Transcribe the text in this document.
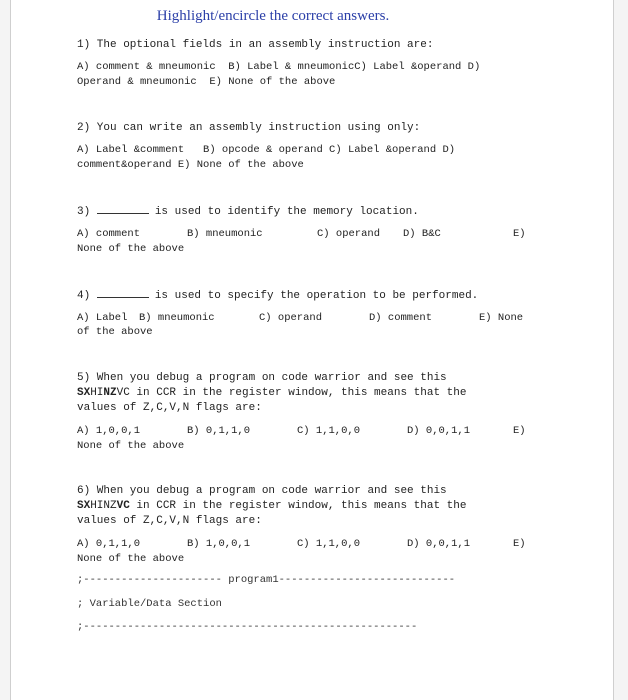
Highlight/encircle the correct answers.
1) The optional fields in an assembly instruction are:
A) comment & mneumonic  B) Label & mneumonicC) Label &operand D)
Operand & mneumonic  E) None of the above
2) You can write an assembly instruction using only:
A) Label &comment   B) opcode & operand C) Label &operand D)
comment&operand E) None of the above
3)	is used to identify the memory location.
A) comment	B) mneumonic	C) operand D) B&C	E)
None of the above
4)	is used to specify the operation to be performed.
A) Label B) mneumonic	C) operand	D) comment	E) None
of the above
5) When you debug a program on code warrior and see this
SXHINZVC in CCR in the register window, this means that the
values of Z,C,V,N flags are:
A) 1,0,0,1	B) 0,1,1,0	C) 1,1,0,0	D) 0,0,1,1	E)
None of the above
6) When you debug a program on code warrior and see this
SXHINZVC in CCR in the register window, this means that the
values of Z,C,V,N flags are:
A) 0,1,1,0	B) 1,0,0,1	C) 1,1,0,0	D) 0,0,1,1	E)
None of the above
;---------------------- program1----------------------------
; Variable/Data Section
;-----------------------------------------------------
